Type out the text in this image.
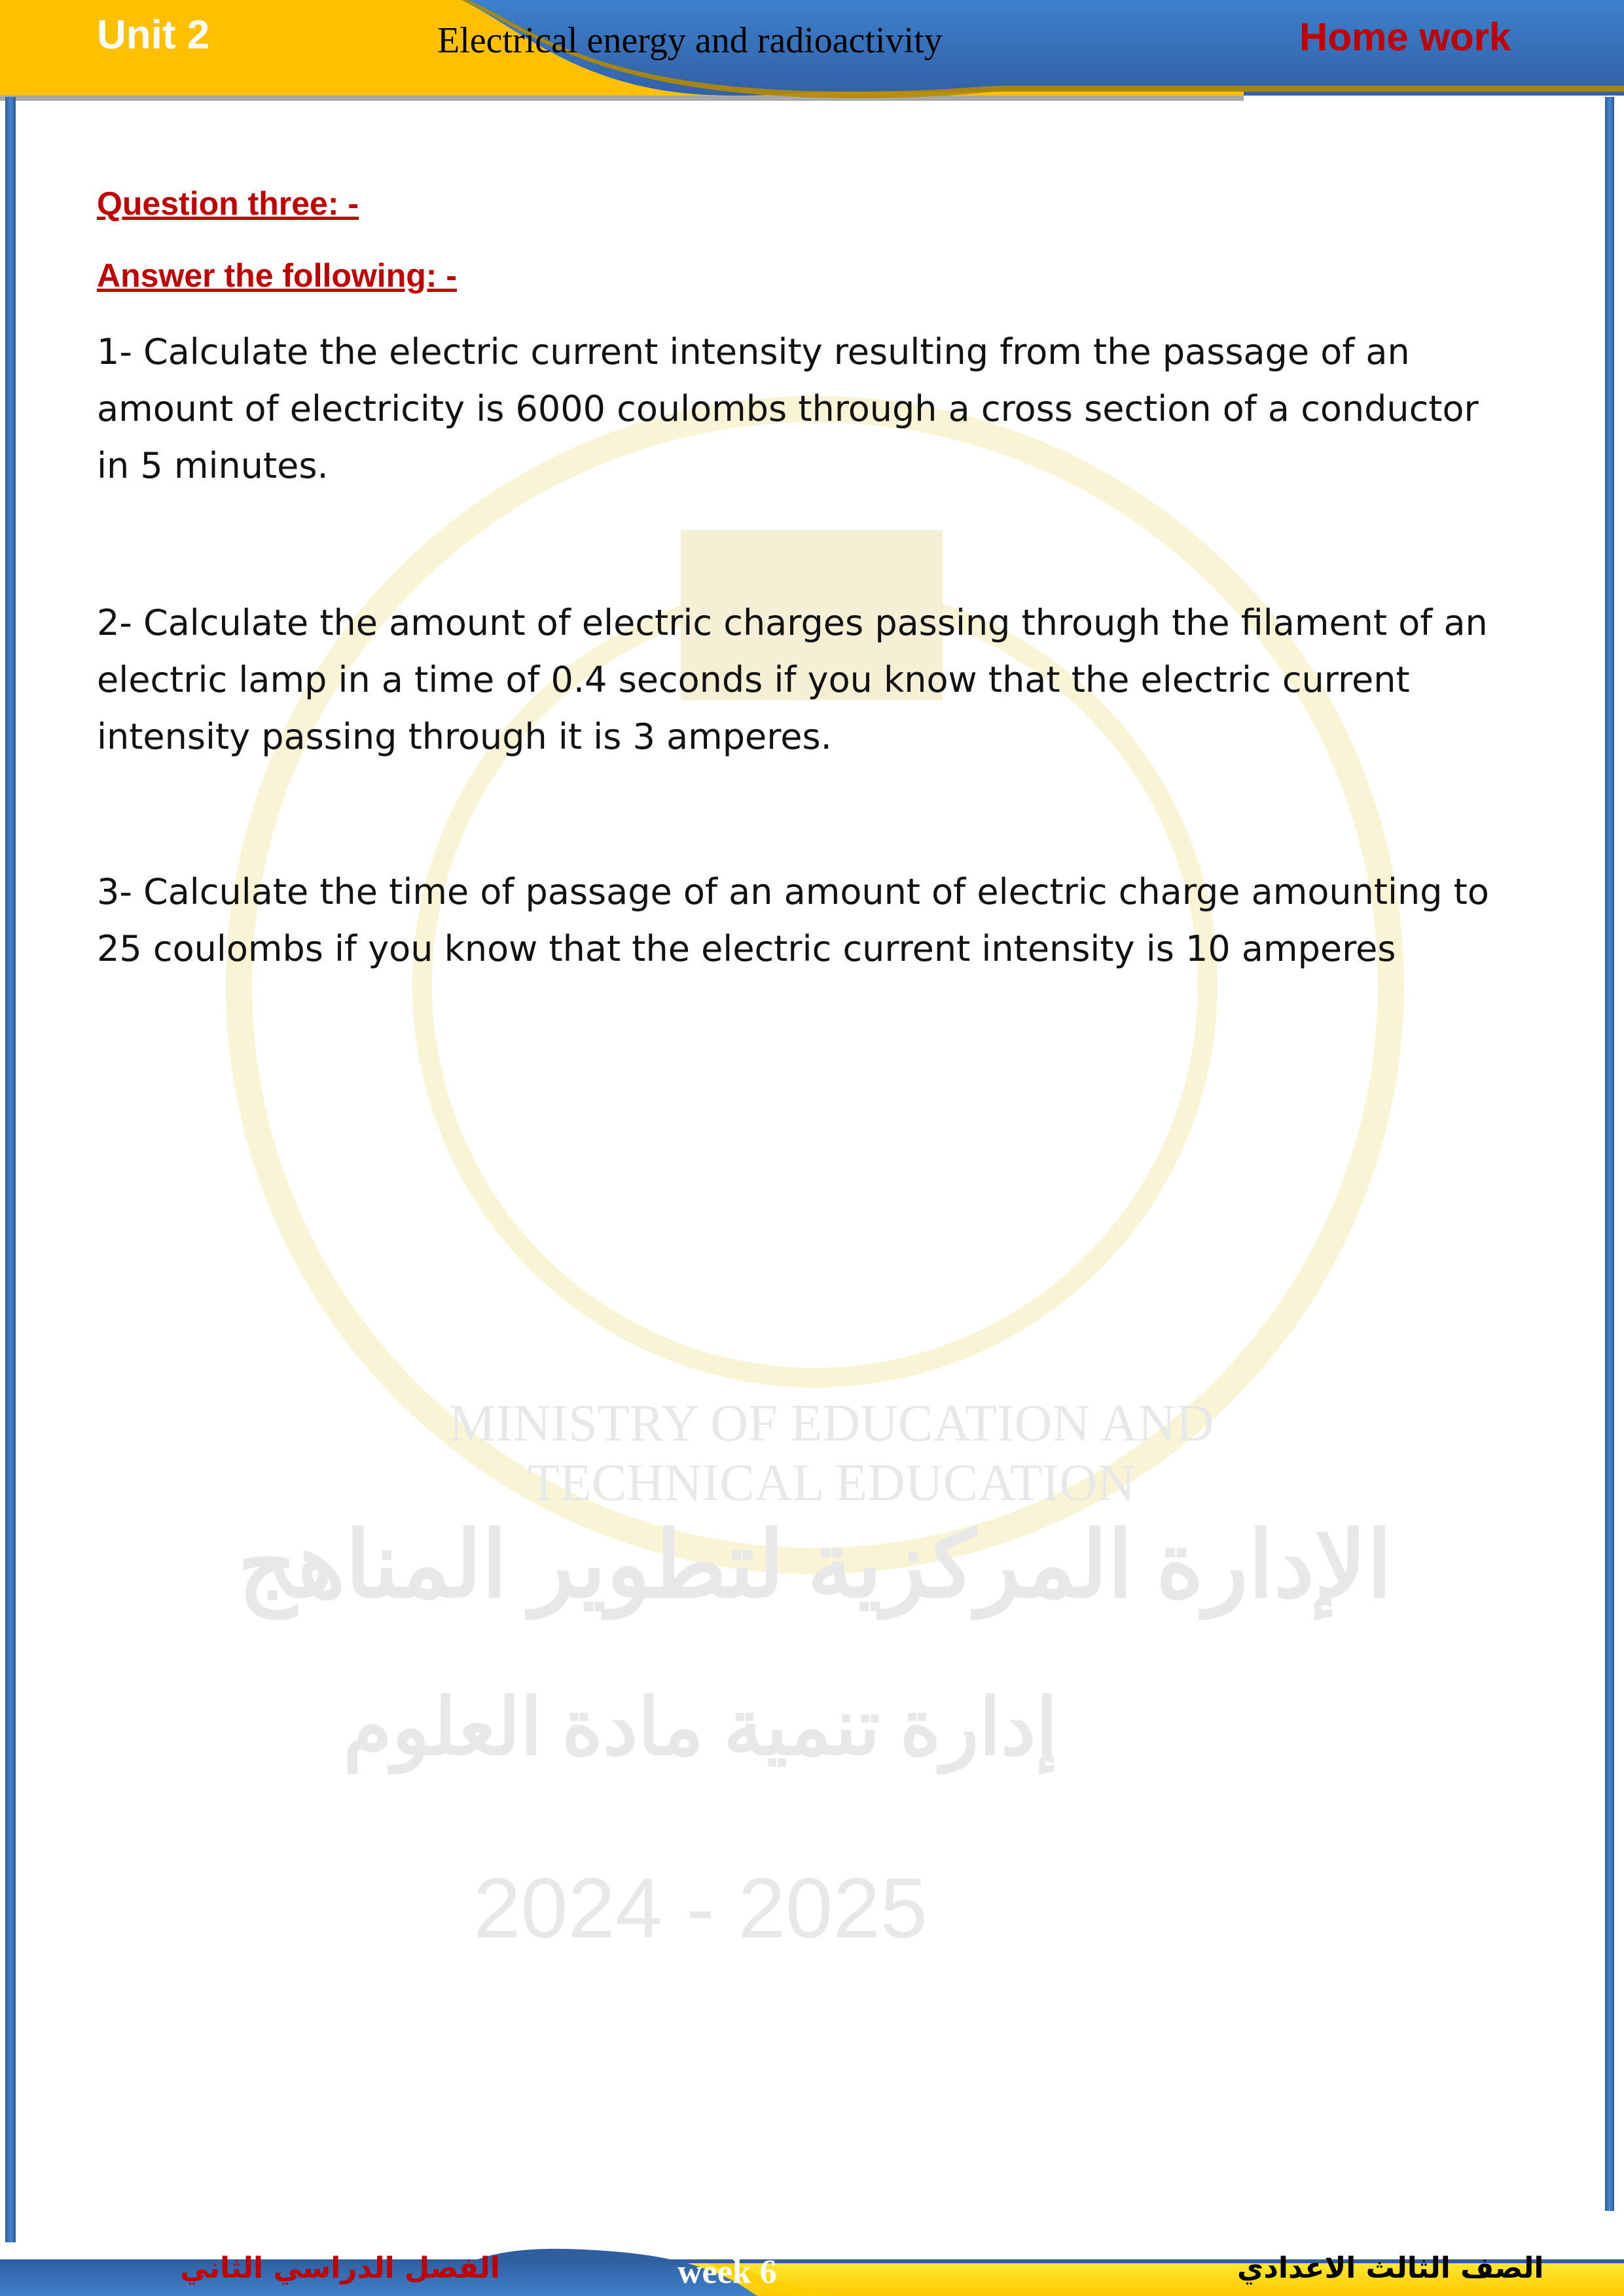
Unit 2	Electrical energy and radioactivity	Home work
MINISTRY OF EDUCATION AND TECHNICAL EDUCATION
الإدارة المركزية لتطوير المناهج
إدارة تنمية مادة العلوم
2024 - 2025
Question three: -
Answer the following: -
1- Calculate the electric current intensity resulting from the passage of an amount of electricity is 6000 coulombs through a cross section of a conductor in 5 minutes.
2- Calculate the amount of electric charges passing through the filament of an electric lamp in a time of 0.4 seconds if you know that the electric current intensity passing through it is 3 amperes.
3- Calculate the time of passage of an amount of electric charge amounting to 25 coulombs if you know that the electric current intensity is 10 amperes
الفصل الدراسي الثاني	week 6	الصف الثالث الاعدادي
